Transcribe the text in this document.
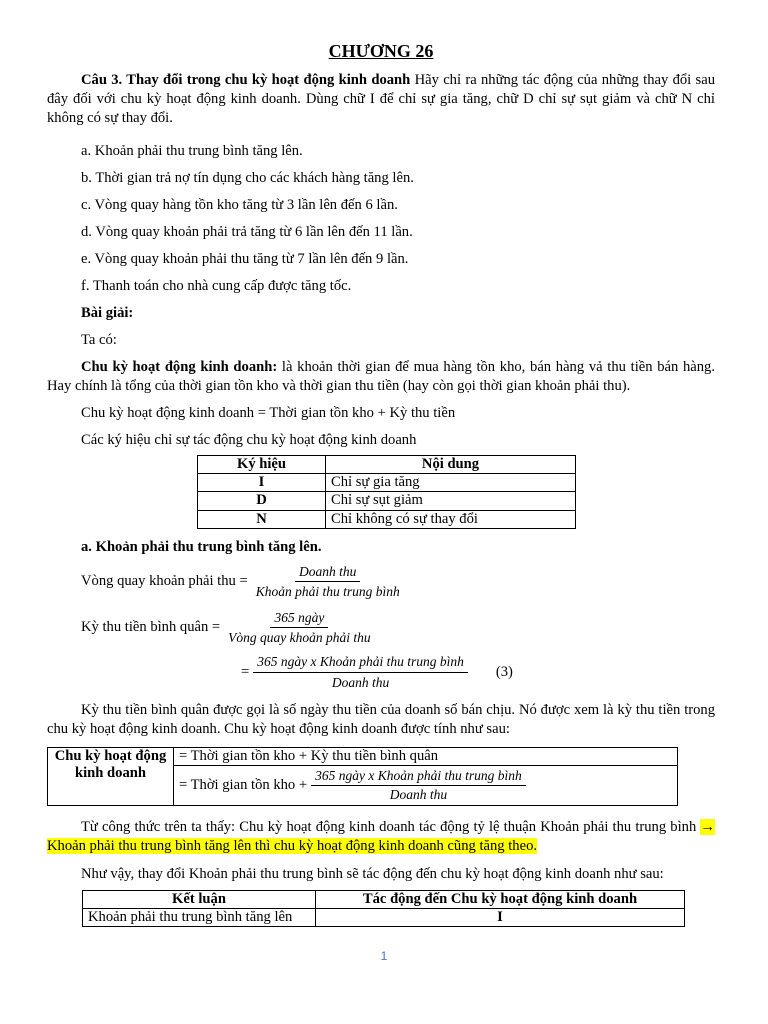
CHƯƠNG 26

Câu 3. Thay đổi trong chu kỳ hoạt động kinh doanh Hãy chỉ ra những tác động của những thay đổi sau đây đối với chu kỳ hoạt động kinh doanh. Dùng chữ I để chỉ sự gia tăng, chữ D chỉ sự sụt giảm và chữ N chỉ không có sự thay đổi.

a. Khoản phải thu trung bình tăng lên.

b. Thời gian trả nợ tín dụng cho các khách hàng tăng lên.

c. Vòng quay hàng tồn kho tăng từ 3 lần lên đến 6 lần.

d. Vòng quay khoản phải trả tăng từ 6 lần lên đến 11 lần.

e. Vòng quay khoản phải thu tăng từ 7 lần lên đến 9 lần.

f. Thanh toán cho nhà cung cấp được tăng tốc.

Bài giải:

Ta có:

Chu kỳ hoạt động kinh doanh: là khoản thời gian để mua hàng tồn kho, bán hàng vả thu tiền bán hàng. Hay chính là tổng của thời gian tồn kho và thời gian thu tiền (hay còn gọi thời gian khoản phải thu).

Chu kỳ hoạt động kinh doanh = Thời gian tồn kho + Kỳ thu tiền

Các ký hiệu chỉ sự tác động chu kỳ hoạt động kinh doanh

Ký hiệu	Nội dung
I	Chỉ sự gia tăng
D	Chỉ sự sụt giảm
N	Chỉ không có sự thay đổi

a. Khoản phải thu trung bình tăng lên.

Vòng quay khoản phải thu = $\frac{\text{Doanh thu}}{\text{Khoản phải thu trung bình}}$
Kỳ thu tiền bình quân = $\frac{\text{365 ngày}}{\text{Vòng quay khoản phải thu}}$
= $\frac{\text{365 ngày x Khoản phải thu trung bình}}{\text{Doanh thu}} (3)$

Kỳ thu tiền bình quân được gọi là số ngày thu tiền của doanh số bán chịu. Nó được xem là kỳ thu tiền trong chu kỳ hoạt động kinh doanh. Chu kỳ hoạt động kinh doanh được tính như sau:

Chu kỳ hoạt động kinh doanh	= Thời gian tồn kho + Kỳ thu tiền bình quân

= Thời gian tồn kho + $\frac{\text{365 ngày x Khoản phải thu trung bình}}{\text{Doanh thu}}$

Từ công thức trên ta thấy: Chu kỳ hoạt động kinh doanh tác động tỷ lệ thuận Khoản phải thu trung bình → Khoản phải thu trung bình tăng lên thì chu kỳ hoạt động kinh doanh cũng tăng theo.

Như vậy, thay đổi Khoản phải thu trung bình sẽ tác động đến chu kỳ hoạt động kinh doanh như sau:

Kết luận	Tác động đến Chu kỳ hoạt động kinh doanh
Khoản phải thu trung bình tăng lên	I
1
